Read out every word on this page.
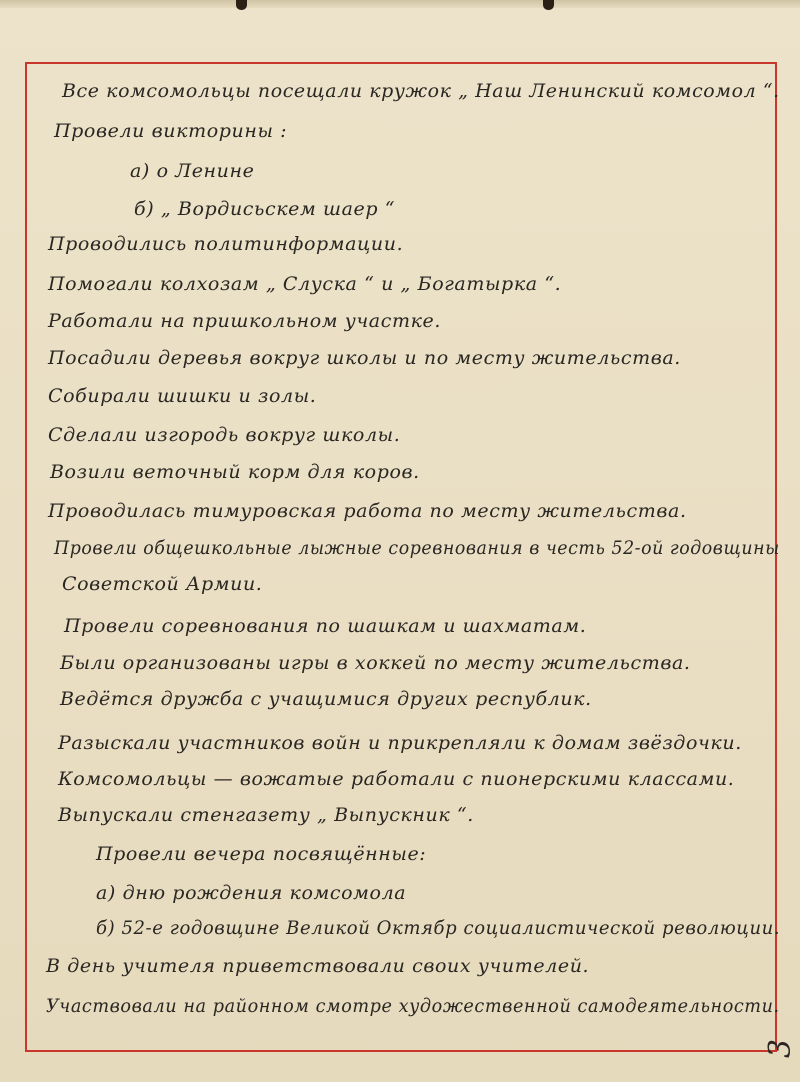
Все комсомольцы посещали кружок „ Наш Ленинский комсомол “.
Провели викторины :
а) о Ленине
б) „ Вордисьскем шаер “
Проводились политинформации.
Помогали колхозам „ Слуска “ и „ Богатырка “.
Работали на пришкольном участке.
Посадили деревья вокруг школы и по месту жительства.
Собирали шишки и золы.
Сделали изгородь вокруг школы.
Возили веточный корм для коров.
Проводилась тимуровская работа по месту жительства.
Провели общешкольные лыжные соревнования в честь 52-ой годовщины
Советской Армии.
Провели соревнования по шашкам и шахматам.
Были организованы игры в хоккей по месту жительства.
Ведётся дружба с учащимися других республик.
Разыскали участников войн и прикрепляли к домам звёздочки.
Комсомольцы — вожатые работали с пионерскими классами.
Выпускали стенгазету „ Выпускник “.
Провели вечера посвящённые:
а) дню рождения комсомола
б) 52-е годовщине Великой Октябр социалистической революции.
В день учителя приветствовали своих учителей.
Участвовали на районном смотре художественной самодеятельности.
3
